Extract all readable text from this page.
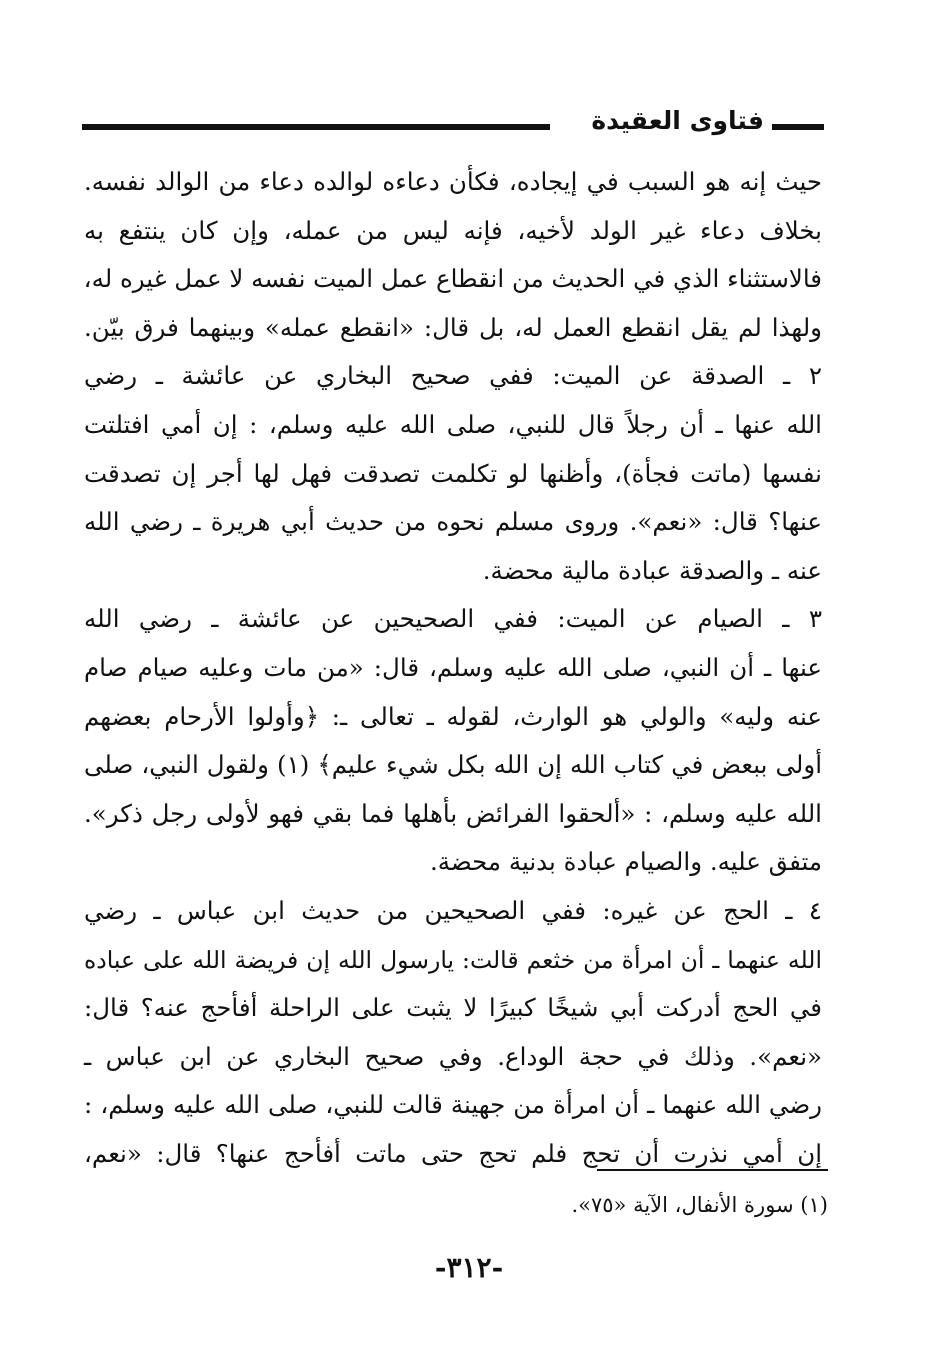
فتاوى العقيدة
حيث إنه هو السبب في إيجاده، فكأن دعاءه لوالده دعاء من الوالد نفسه.
بخلاف دعاء غير الولد لأخيه، فإنه ليس من عمله، وإن كان ينتفع به
فالاستثناء الذي في الحديث من انقطاع عمل الميت نفسه لا عمل غيره له،
ولهذا لم يقل انقطع العمل له، بل قال: «انقطع عمله» وبينهما فرق بيّن.
٢ ـ الصدقة عن الميت: ففي صحيح البخاري عن عائشة ـ رضي
الله عنها ـ أن رجلاً قال للنبي، صلى الله عليه وسلم، : إن أمي افتلتت
نفسها (ماتت فجأة)، وأظنها لو تكلمت تصدقت فهل لها أجر إن تصدقت
عنها؟ قال: «نعم». وروى مسلم نحوه من حديث أبي هريرة ـ رضي الله
عنه ـ والصدقة عبادة مالية محضة.
٣ ـ الصيام عن الميت: ففي الصحيحين عن عائشة ـ رضي الله
عنها ـ أن النبي، صلى الله عليه وسلم، قال: «من مات وعليه صيام صام
عنه وليه» والولي هو الوارث، لقوله ـ تعالى ـ: ﴿وأولوا الأرحام بعضهم
أولى ببعض في كتاب الله إن الله بكل شيء عليم﴾ (١) ولقول النبي، صلى
الله عليه وسلم، : «ألحقوا الفرائض بأهلها فما بقي فهو لأولى رجل ذكر».
متفق عليه. والصيام عبادة بدنية محضة.
٤ ـ الحج عن غيره: ففي الصحيحين من حديث ابن عباس ـ رضي
الله عنهما ـ أن امرأة من خثعم قالت: يارسول الله إن فريضة الله على عباده
في الحج أدركت أبي شيخًا كبيرًا لا يثبت على الراحلة أفأحج عنه؟ قال:
«نعم». وذلك في حجة الوداع. وفي صحيح البخاري عن ابن عباس ـ
رضي الله عنهما ـ أن امرأة من جهينة قالت للنبي، صلى الله عليه وسلم، :
إن أمي نذرت أن تحج فلم تحج حتى ماتت أفأحج عنها؟ قال: «نعم،
(١) سورة الأنفال، الآية «٧٥».
-٣١٢-
